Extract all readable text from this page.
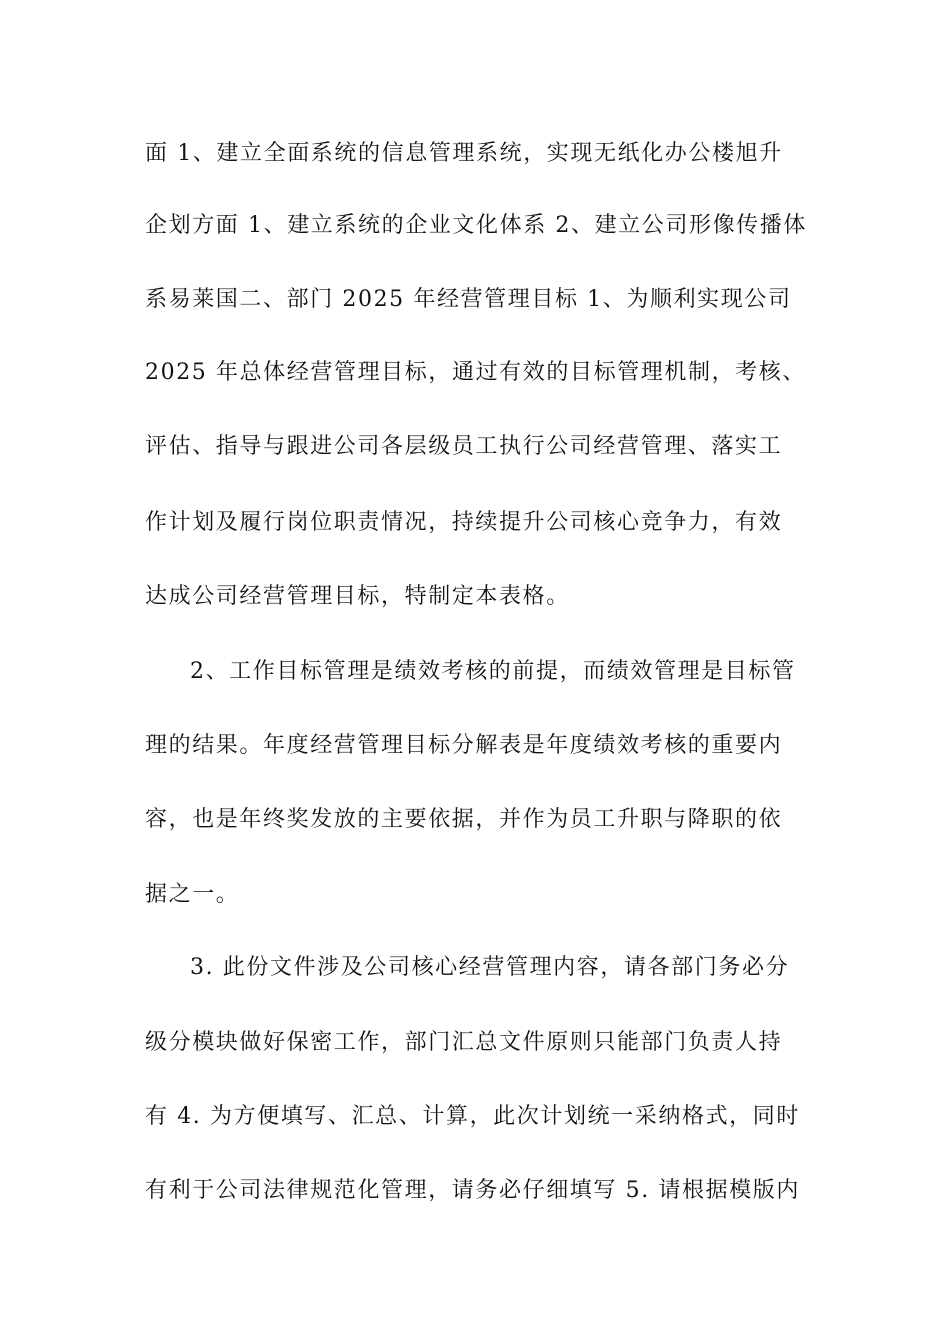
面 1、建立全面系统的信息管理系统，实现无纸化办公楼旭升
企划方面 1、建立系统的企业文化体系 2、建立公司形像传播体
系易莱国二、部门 2025 年经营管理目标 1、为顺利实现公司
2025 年总体经营管理目标，通过有效的目标管理机制，考核、
评估、指导与跟进公司各层级员工执行公司经营管理、落实工
作计划及履行岗位职责情况，持续提升公司核心竞争力，有效
达成公司经营管理目标，特制定本表格。
2、工作目标管理是绩效考核的前提，而绩效管理是目标管
理的结果。年度经营管理目标分解表是年度绩效考核的重要内
容，也是年终奖发放的主要依据，并作为员工升职与降职的依
据之一。
3. 此份文件涉及公司核心经营管理内容，请各部门务必分
级分模块做好保密工作，部门汇总文件原则只能部门负责人持
有 4. 为方便填写、汇总、计算，此次计划统一采纳格式，同时
有利于公司法律规范化管理，请务必仔细填写 5. 请根据模版内
